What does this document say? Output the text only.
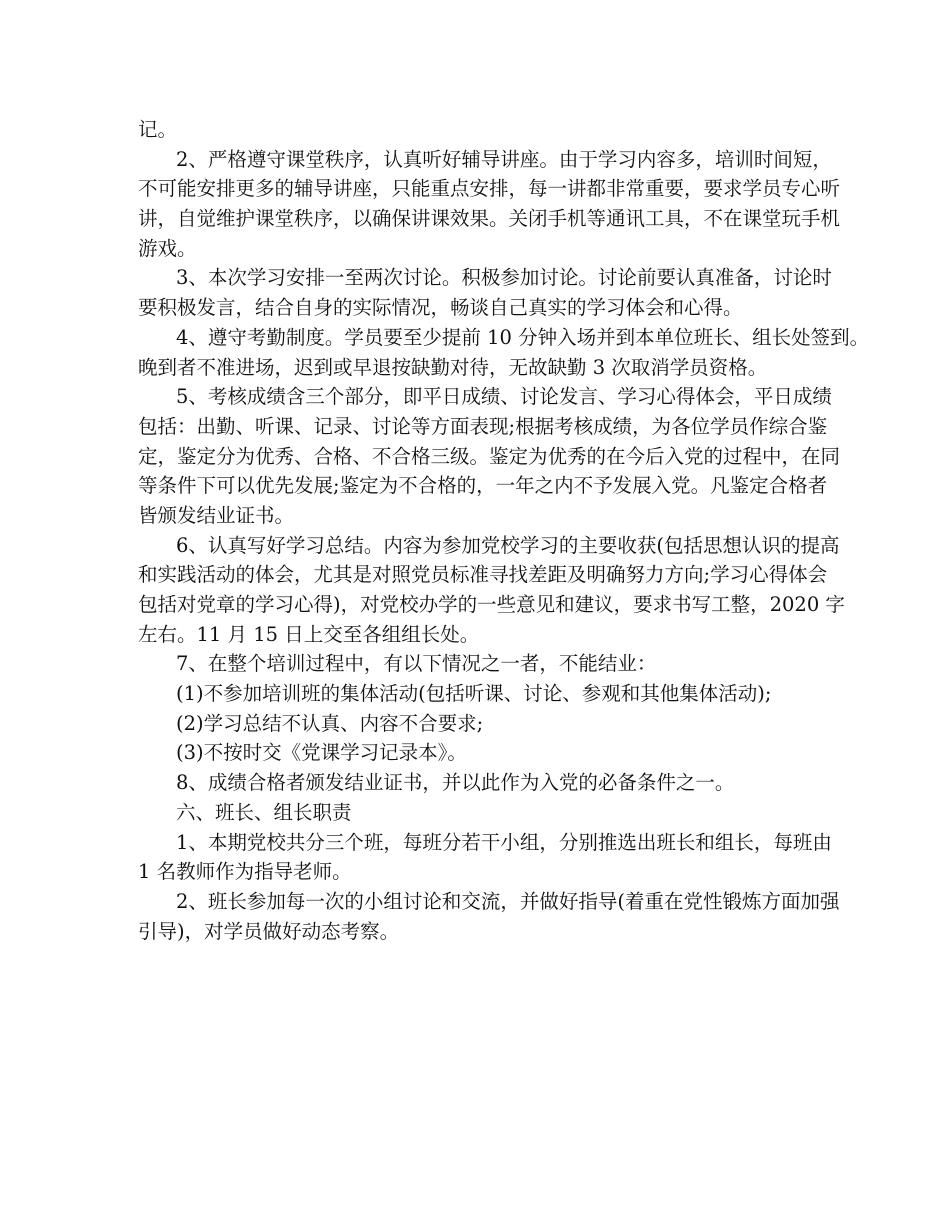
记。
2、严格遵守课堂秩序，认真听好辅导讲座。由于学习内容多，培训时间短，
不可能安排更多的辅导讲座，只能重点安排，每一讲都非常重要，要求学员专心听
讲，自觉维护课堂秩序，以确保讲课效果。关闭手机等通讯工具，不在课堂玩手机
游戏。
3、本次学习安排一至两次讨论。积极参加讨论。讨论前要认真准备，讨论时
要积极发言，结合自身的实际情况，畅谈自己真实的学习体会和心得。
4、遵守考勤制度。学员要至少提前 10 分钟入场并到本单位班长、组长处签到。
晚到者不准进场，迟到或早退按缺勤对待，无故缺勤 3 次取消学员资格。
5、考核成绩含三个部分，即平日成绩、讨论发言、学习心得体会，平日成绩
包括：出勤、听课、记录、讨论等方面表现;根据考核成绩，为各位学员作综合鉴
定，鉴定分为优秀、合格、不合格三级。鉴定为优秀的在今后入党的过程中，在同
等条件下可以优先发展;鉴定为不合格的，一年之内不予发展入党。凡鉴定合格者
皆颁发结业证书。
6、认真写好学习总结。内容为参加党校学习的主要收获(包括思想认识的提高
和实践活动的体会，尤其是对照党员标准寻找差距及明确努力方向;学习心得体会
包括对党章的学习心得)，对党校办学的一些意见和建议，要求书写工整，2020 字
左右。11 月 15 日上交至各组组长处。
7、在整个培训过程中，有以下情况之一者，不能结业：
(1)不参加培训班的集体活动(包括听课、讨论、参观和其他集体活动);
(2)学习总结不认真、内容不合要求;
(3)不按时交《党课学习记录本》。
8、成绩合格者颁发结业证书，并以此作为入党的必备条件之一。
六、班长、组长职责
1、本期党校共分三个班，每班分若干小组，分别推选出班长和组长，每班由
1 名教师作为指导老师。
2、班长参加每一次的小组讨论和交流，并做好指导(着重在党性锻炼方面加强
引导)，对学员做好动态考察。
